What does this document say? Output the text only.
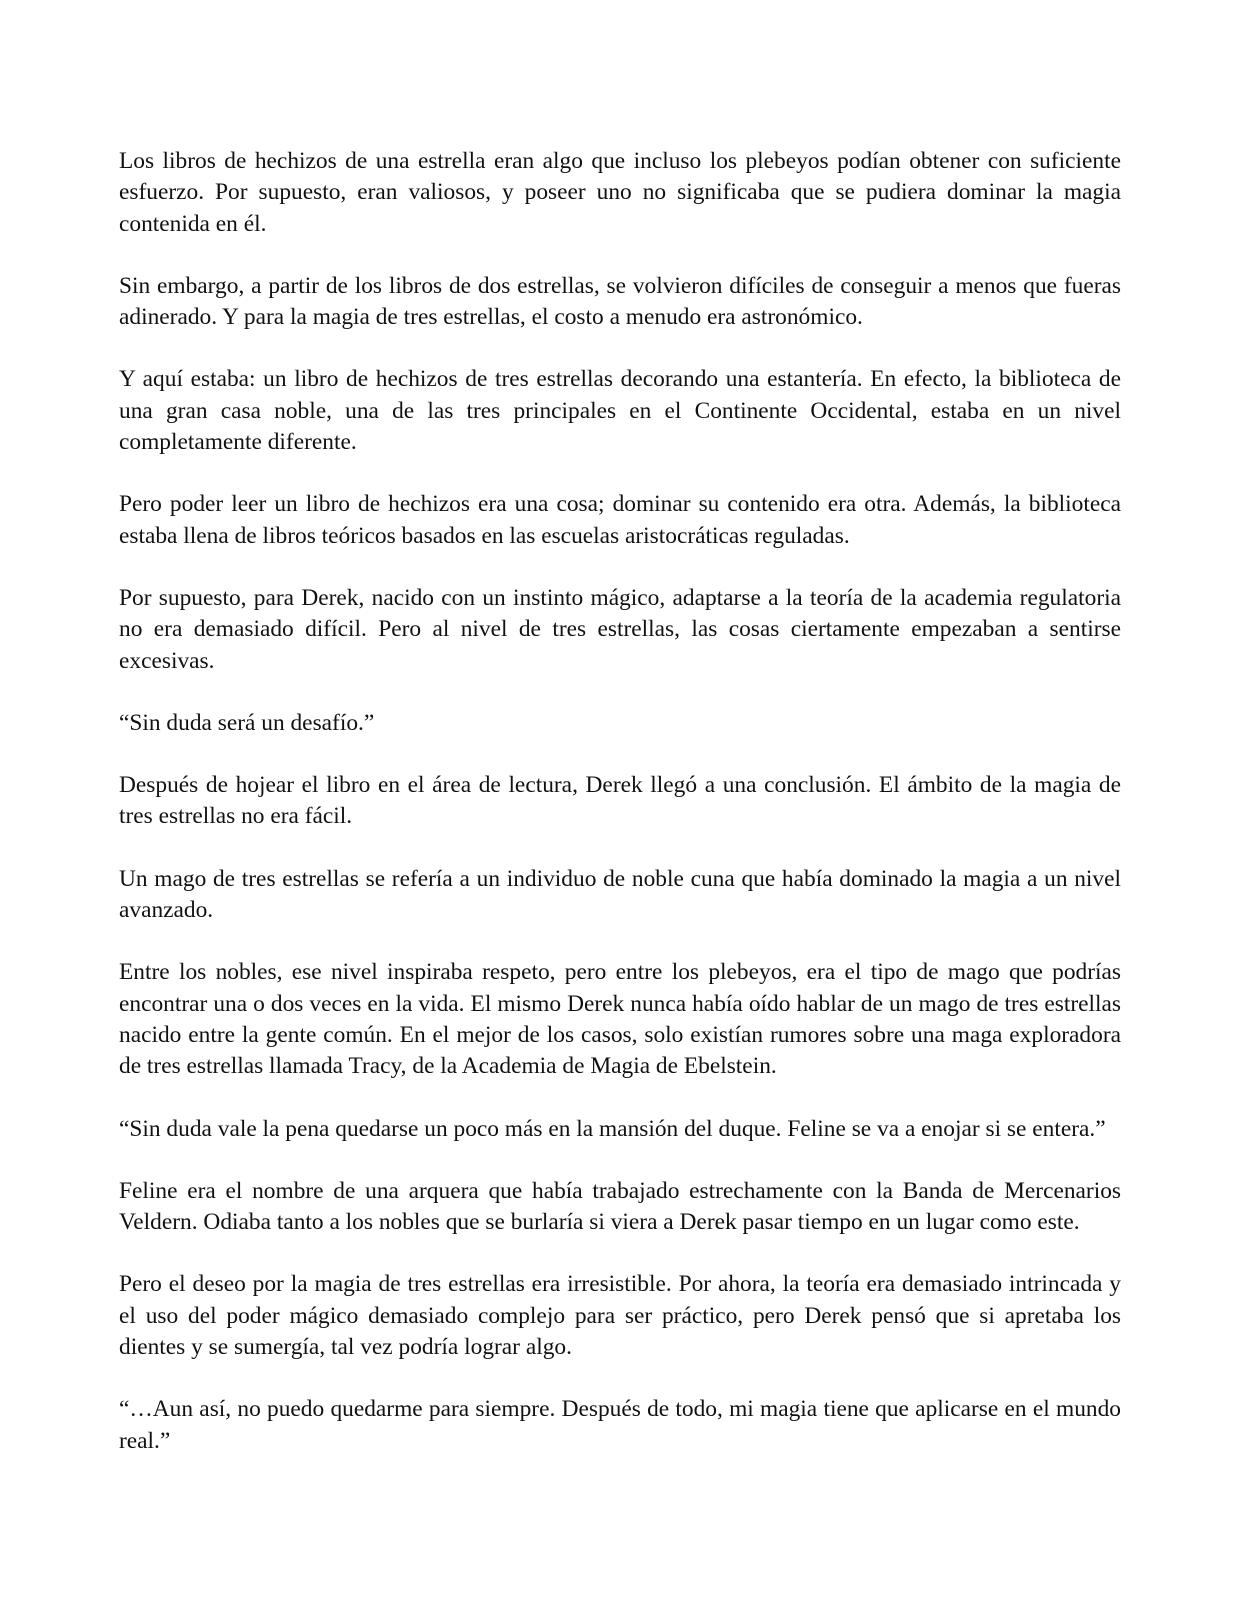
Los libros de hechizos de una estrella eran algo que incluso los plebeyos podían obtener con suficiente esfuerzo. Por supuesto, eran valiosos, y poseer uno no significaba que se pudiera dominar la magia contenida en él.

Sin embargo, a partir de los libros de dos estrellas, se volvieron difíciles de conseguir a menos que fueras adinerado. Y para la magia de tres estrellas, el costo a menudo era astronómico.

Y aquí estaba: un libro de hechizos de tres estrellas decorando una estantería. En efecto, la biblioteca de una gran casa noble, una de las tres principales en el Continente Occidental, estaba en un nivel completamente diferente.

Pero poder leer un libro de hechizos era una cosa; dominar su contenido era otra. Además, la biblioteca estaba llena de libros teóricos basados en las escuelas aristocráticas reguladas.

Por supuesto, para Derek, nacido con un instinto mágico, adaptarse a la teoría de la academia regulatoria no era demasiado difícil. Pero al nivel de tres estrellas, las cosas ciertamente empezaban a sentirse excesivas.

“Sin duda será un desafío.”

Después de hojear el libro en el área de lectura, Derek llegó a una conclusión. El ámbito de la magia de tres estrellas no era fácil.

Un mago de tres estrellas se refería a un individuo de noble cuna que había dominado la magia a un nivel avanzado.

Entre los nobles, ese nivel inspiraba respeto, pero entre los plebeyos, era el tipo de mago que podrías encontrar una o dos veces en la vida. El mismo Derek nunca había oído hablar de un mago de tres estrellas nacido entre la gente común. En el mejor de los casos, solo existían rumores sobre una maga exploradora de tres estrellas llamada Tracy, de la Academia de Magia de Ebelstein.

“Sin duda vale la pena quedarse un poco más en la mansión del duque. Feline se va a enojar si se entera.”

Feline era el nombre de una arquera que había trabajado estrechamente con la Banda de Mercenarios Veldern. Odiaba tanto a los nobles que se burlaría si viera a Derek pasar tiempo en un lugar como este.

Pero el deseo por la magia de tres estrellas era irresistible. Por ahora, la teoría era demasiado intrincada y el uso del poder mágico demasiado complejo para ser práctico, pero Derek pensó que si apretaba los dientes y se sumergía, tal vez podría lograr algo.

“…Aun así, no puedo quedarme para siempre. Después de todo, mi magia tiene que aplicarse en el mundo real.”
